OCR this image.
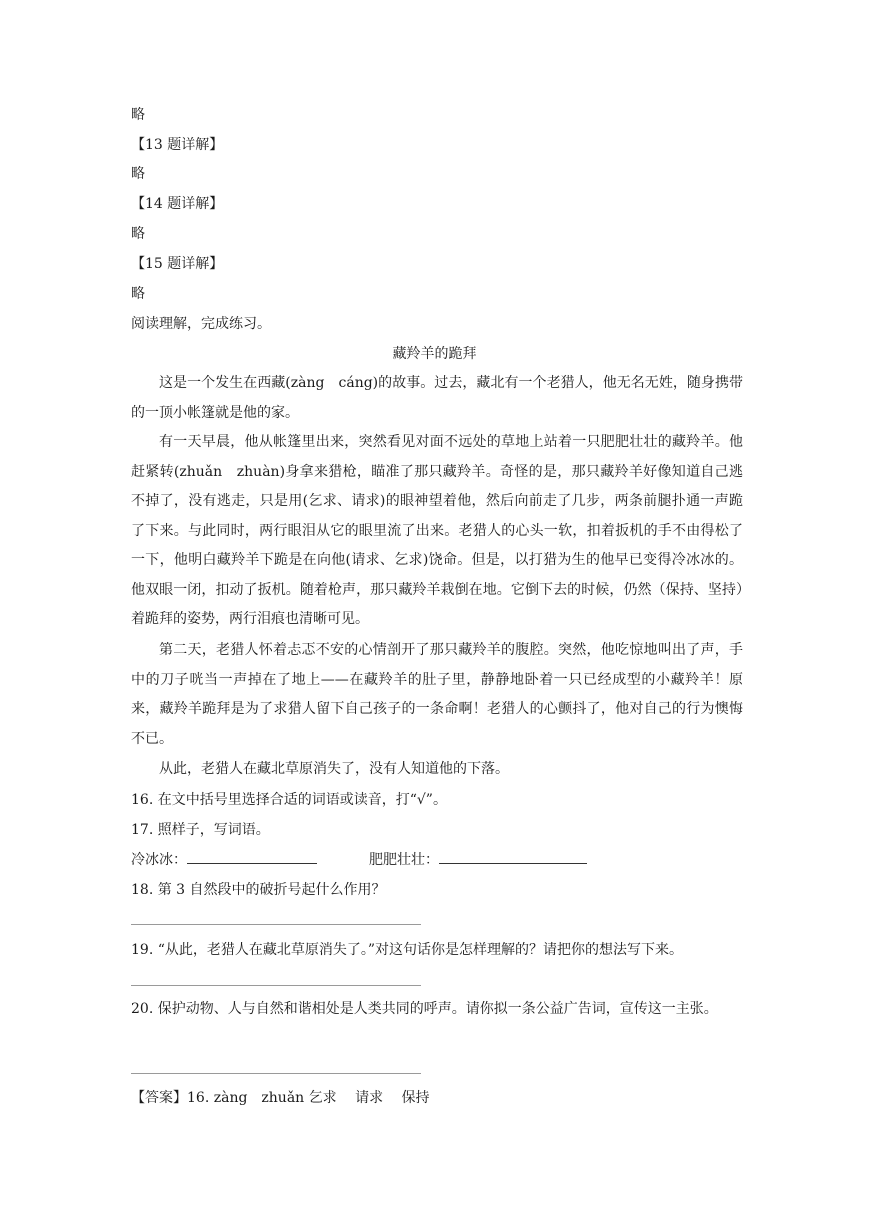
略
【13 题详解】
略
【14 题详解】
略
【15 题详解】
略
阅读理解，完成练习。
藏羚羊的跪拜
这是一个发生在西藏(zàng　cáng)的故事。过去，藏北有一个老猎人，他无名无姓，随身携带的一顶小帐篷就是他的家。
有一天早晨，他从帐篷里出来，突然看见对面不远处的草地上站着一只肥肥壮壮的藏羚羊。他赶紧转(zhuǎn　zhuàn)身拿来猎枪，瞄准了那只藏羚羊。奇怪的是，那只藏羚羊好像知道自己逃不掉了，没有逃走，只是用(乞求、请求)的眼神望着他，然后向前走了几步，两条前腿扑通一声跪了下来。与此同时，两行眼泪从它的眼里流了出来。老猎人的心头一软，扣着扳机的手不由得松了一下，他明白藏羚羊下跪是在向他(请求、乞求)饶命。但是，以打猎为生的他早已变得冷冰冰的。他双眼一闭，扣动了扳机。随着枪声，那只藏羚羊栽倒在地。它倒下去的时候，仍然（保持、坚持）着跪拜的姿势，两行泪痕也清晰可见。
第二天，老猎人怀着忐忑不安的心情剖开了那只藏羚羊的腹腔。突然，他吃惊地叫出了声，手中的刀子咣当一声掉在了地上——在藏羚羊的肚子里，静静地卧着一只已经成型的小藏羚羊！原来，藏羚羊跪拜是为了求猎人留下自己孩子的一条命啊！老猎人的心颤抖了，他对自己的行为懊悔不已。
从此，老猎人在藏北草原消失了，没有人知道他的下落。
16. 在文中括号里选择合适的词语或读音，打“√”。
17. 照样子，写词语。
冷冰冰：	肥肥壮壮：
18. 第 3 自然段中的破折号起什么作用？
19. “从此，老猎人在藏北草原消失了。”对这句话你是怎样理解的？请把你的想法写下来。
20. 保护动物、人与自然和谐相处是人类共同的呼声。请你拟一条公益广告词，宣传这一主张。
【答案】16. zàng　zhuǎn 乞求　 请求　 保持
